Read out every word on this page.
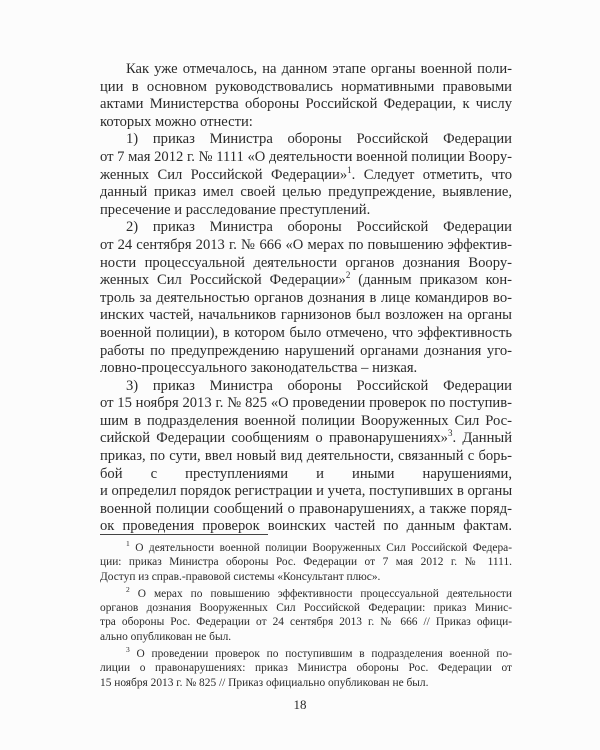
Как уже отмечалось, на данном этапе органы военной поли-
ции в основном руководствовались нормативными правовыми
актами Министерства обороны Российской Федерации, к числу
которых можно отнести:
1) приказ Министра обороны Российской Федерации
от 7 мая 2012 г. № 1111 «О деятельности военной полиции Воору-
женных Сил Российской Федерации»$^1$. Следует отметить, что
данный приказ имел своей целью предупреждение, выявление,
пресечение и расследование преступлений.
2) приказ Министра обороны Российской Федерации
от 24 сентября 2013 г. № 666 «О мерах по повышению эффектив-
ности процессуальной деятельности органов дознания Воору-
женных Сил Российской Федерации»$^2$ (данным приказом кон-
троль за деятельностью органов дознания в лице командиров во-
инских частей, начальников гарнизонов был возложен на органы
военной полиции), в котором было отмечено, что эффективность
работы по предупреждению нарушений органами дознания уго-
ловно-процессуального законодательства – низкая.
3) приказ Министра обороны Российской Федерации
от 15 ноября 2013 г. № 825 «О проведении проверок по поступив-
шим в подразделения военной полиции Вооруженных Сил Рос-
сийской Федерации сообщениям о правонарушениях»$^3$. Данный
приказ, по сути, ввел новый вид деятельности, связанный с борь-
бой с преступлениями и иными нарушениями,
и определил порядок регистрации и учета, поступивших в органы
военной полиции сообщений о правонарушениях, а также поряд-
ок проведения проверок воинских частей по данным фактам.
$^1$ О деятельности военной полиции Вооруженных Сил Российской Федера-
ции: приказ Министра обороны Рос. Федерации от 7 мая 2012 г. № 1111.
Доступ из справ.-правовой системы «Консультант плюс».
$^2$ О мерах по повышению эффективности процессуальной деятельности
органов дознания Вооруженных Сил Российской Федерации: приказ Минис-
тра обороны Рос. Федерации от 24 сентября 2013 г. № 666 // Приказ офици-
ально опубликован не был.
$^3$ О проведении проверок по поступившим в подразделения военной по-
лиции о правонарушениях: приказ Министра обороны Рос. Федерации от
15 ноября 2013 г. № 825 // Приказ официально опубликован не был.
18
